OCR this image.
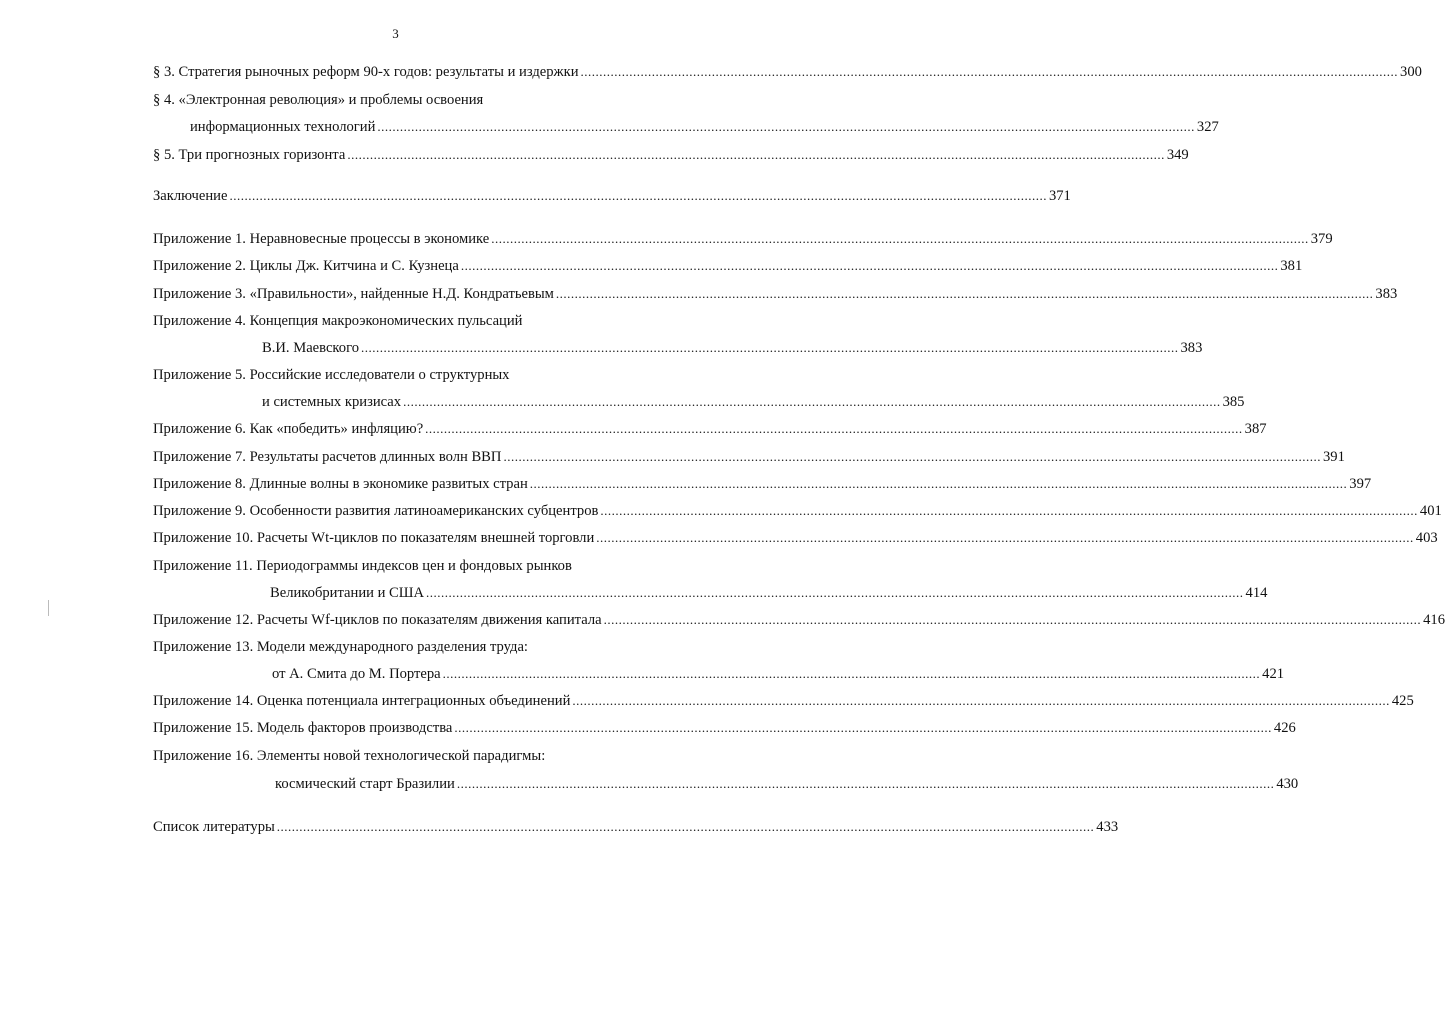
3
§ 3. Стратегия рыночных реформ 90-х годов: результаты и издержки .......................................................................................................................................................................................................................... 300
§ 4. «Электронная революция» и проблемы освоения
информационных технологий .......................................................................................................................................................................................................................... 327
§ 5. Три прогнозных горизонта .......................................................................................................................................................................................................................... 349
Заключение .......................................................................................................................................................................................................................... 371
Приложение 1. Неравновесные процессы в экономике .......................................................................................................................................................................................................................... 379
Приложение 2. Циклы Дж. Китчина и С. Кузнеца .......................................................................................................................................................................................................................... 381
Приложение 3. «Правильности», найденные Н.Д. Кондратьевым .......................................................................................................................................................................................................................... 383
Приложение 4. Концепция макроэкономических пульсаций
В.И. Маевского .......................................................................................................................................................................................................................... 383
Приложение 5. Российские исследователи о структурных
и системных кризисах .......................................................................................................................................................................................................................... 385
Приложение 6. Как «победить» инфляцию? .......................................................................................................................................................................................................................... 387
Приложение 7. Результаты расчетов длинных волн ВВП .......................................................................................................................................................................................................................... 391
Приложение 8. Длинные волны в экономике развитых стран .......................................................................................................................................................................................................................... 397
Приложение 9. Особенности развития латиноамериканских субцентров .......................................................................................................................................................................................................................... 401
Приложение 10. Расчеты Wt-циклов по показателям внешней торговли .......................................................................................................................................................................................................................... 403
Приложение 11. Периодограммы индексов цен и фондовых рынков
Великобритании и США .......................................................................................................................................................................................................................... 414
Приложение 12. Расчеты Wf-циклов по показателям движения капитала .......................................................................................................................................................................................................................... 416
Приложение 13. Модели международного разделения труда:
от А. Смита до М. Портера .......................................................................................................................................................................................................................... 421
Приложение 14. Оценка потенциала интеграционных объединений .......................................................................................................................................................................................................................... 425
Приложение 15. Модель факторов производства .......................................................................................................................................................................................................................... 426
Приложение 16. Элементы новой технологической парадигмы:
космический старт Бразилии .......................................................................................................................................................................................................................... 430
Список литературы .......................................................................................................................................................................................................................... 433
